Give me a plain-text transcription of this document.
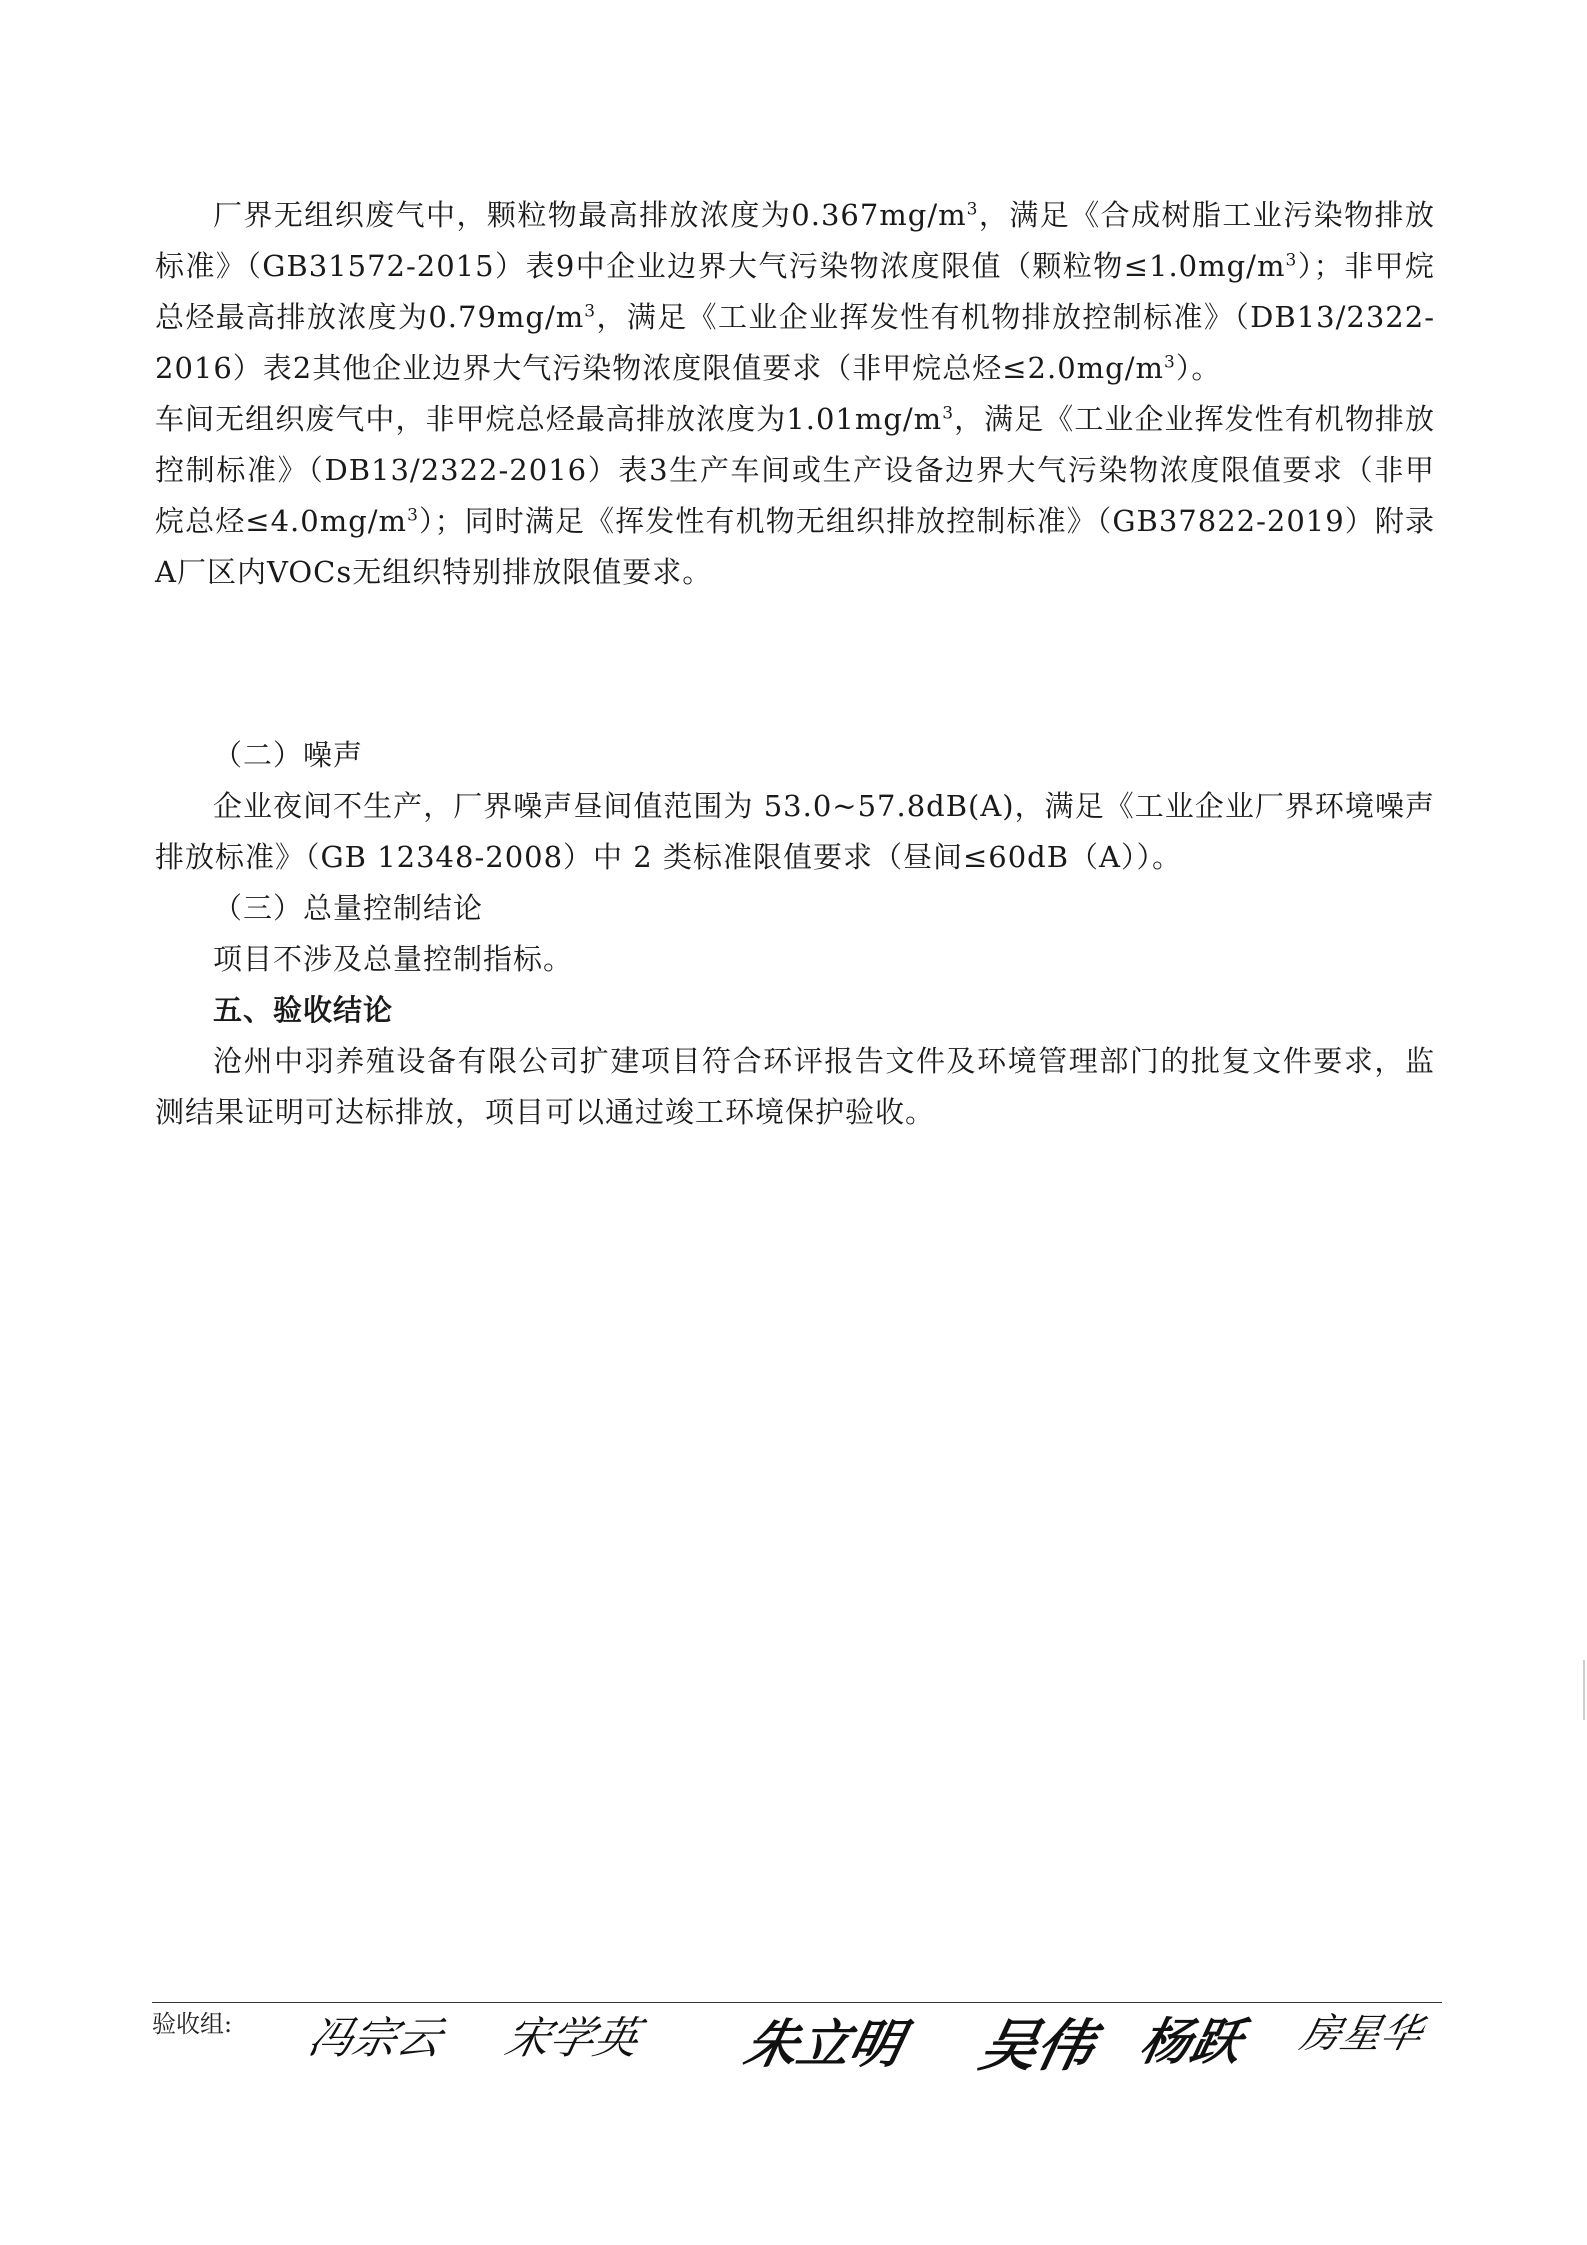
厂界无组织废气中，颗粒物最高排放浓度为$0.367mg/m^3$，满足《合成树脂工业污染物排放标准》（GB31572-2015）表9中企业边界大气污染物浓度限值（颗粒物$\le 1.0mg/m^3$）；非甲烷总烃最高排放浓度为$0.79mg/m^3$，满足《工业企业挥发性有机物排放控制标准》（DB13/2322-2016）表2其他企业边界大气污染物浓度限值要求（非甲烷总烃$\le 2.0mg/m^3$）。

车间无组织废气中，非甲烷总烃最高排放浓度为$1.01mg/m^3$，满足《工业企业挥发性有机物排放控制标准》（DB13/2322-2016）表3生产车间或生产设备边界大气污染物浓度限值要求（非甲烷总烃$\le 4.0mg/m^3$）；同时满足《挥发性有机物无组织排放控制标准》（GB37822-2019）附录A厂区内VOCs无组织特别排放限值要求。

（二）噪声

企业夜间不生产，厂界噪声昼间值范围为 53.0~57.8dB(A)，满足《工业企业厂界环境噪声排放标准》（GB 12348-2008）中 2 类标准限值要求（昼间≤60dB（A））。

（三）总量控制结论

项目不涉及总量控制指标。

五、验收结论

沧州中羽养殖设备有限公司扩建项目符合环评报告文件及环境管理部门的批复文件要求，监测结果证明可达标排放，项目可以通过竣工环境保护验收。

验收组: 冯宗云 宋学英 朱立明 吴伟 杨跃 房星华
